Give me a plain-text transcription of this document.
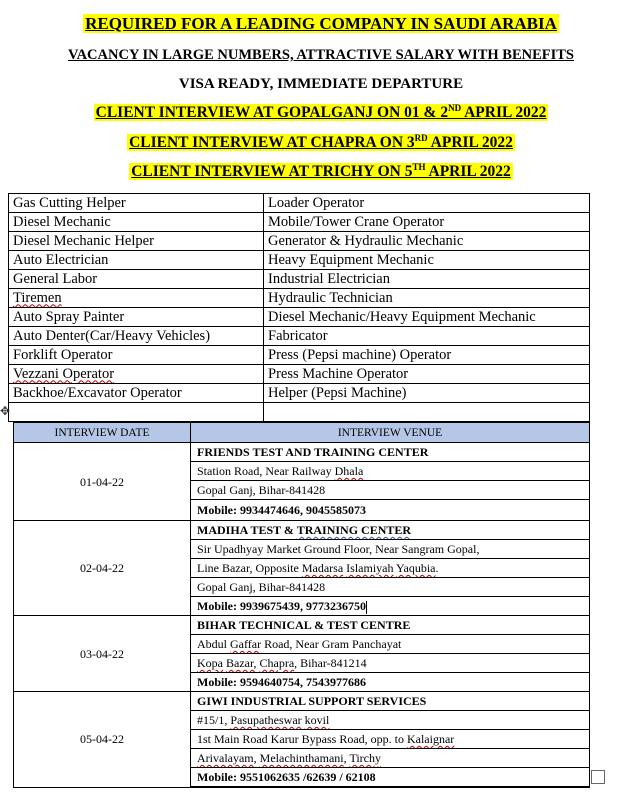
REQUIRED FOR A LEADING COMPANY IN SAUDI ARABIA
VACANCY IN LARGE NUMBERS, ATTRACTIVE SALARY WITH BENEFITS
VISA READY, IMMEDIATE DEPARTURE
CLIENT INTERVIEW AT GOPALGANJ ON 01 & 2ND APRIL 2022
CLIENT INTERVIEW AT CHAPRA ON 3RD APRIL 2022
CLIENT INTERVIEW AT TRICHY ON 5TH APRIL 2022
Gas Cutting Helper	Loader Operator
Diesel Mechanic	Mobile/Tower Crane Operator
Diesel Mechanic Helper	Generator & Hydraulic Mechanic
Auto Electrician	Heavy Equipment Mechanic
General Labor	Industrial Electrician
Tiremen	Hydraulic Technician
Auto Spray Painter	Diesel Mechanic/Heavy Equipment Mechanic
Auto Denter(Car/Heavy Vehicles)	Fabricator
Forklift Operator	Press (Pepsi machine) Operator
Vezzani Operator	Press Machine Operator
Backhoe/Excavator Operator	Helper (Pepsi Machine)

✥
INTERVIEW DATE	INTERVIEW VENUE
01-04-22	FRIENDS TEST AND TRAINING CENTER
	Station Road, Near Railway Dhala
	Gopal Ganj, Bihar-841428
	Mobile: 9934474646, 9045585073
02-04-22	MADIHA TEST & TRAINING CENTER
	Sir Upadhyay Market Ground Floor, Near Sangram Gopal,
	Line Bazar, Opposite Madarsa Islamiyah Yaqubia.
	Gopal Ganj, Bihar-841428
	Mobile: 9939675439, 9773236750
03-04-22	BIHAR TECHNICAL & TEST CENTRE
	Abdul Gaffar Road, Near Gram Panchayat
	Kopa Bazar, Chapra, Bihar-841214
	Mobile: 9594640754, 7543977686
05-04-22	GIWI INDUSTRIAL SUPPORT SERVICES
	#15/1, Pasupatheswar kovil
	1st Main Road Karur Bypass Road, opp. to Kalaignar
	Arivalayam, Melachinthamani, Tirchy
	Mobile: 9551062635 /62639 / 62108
